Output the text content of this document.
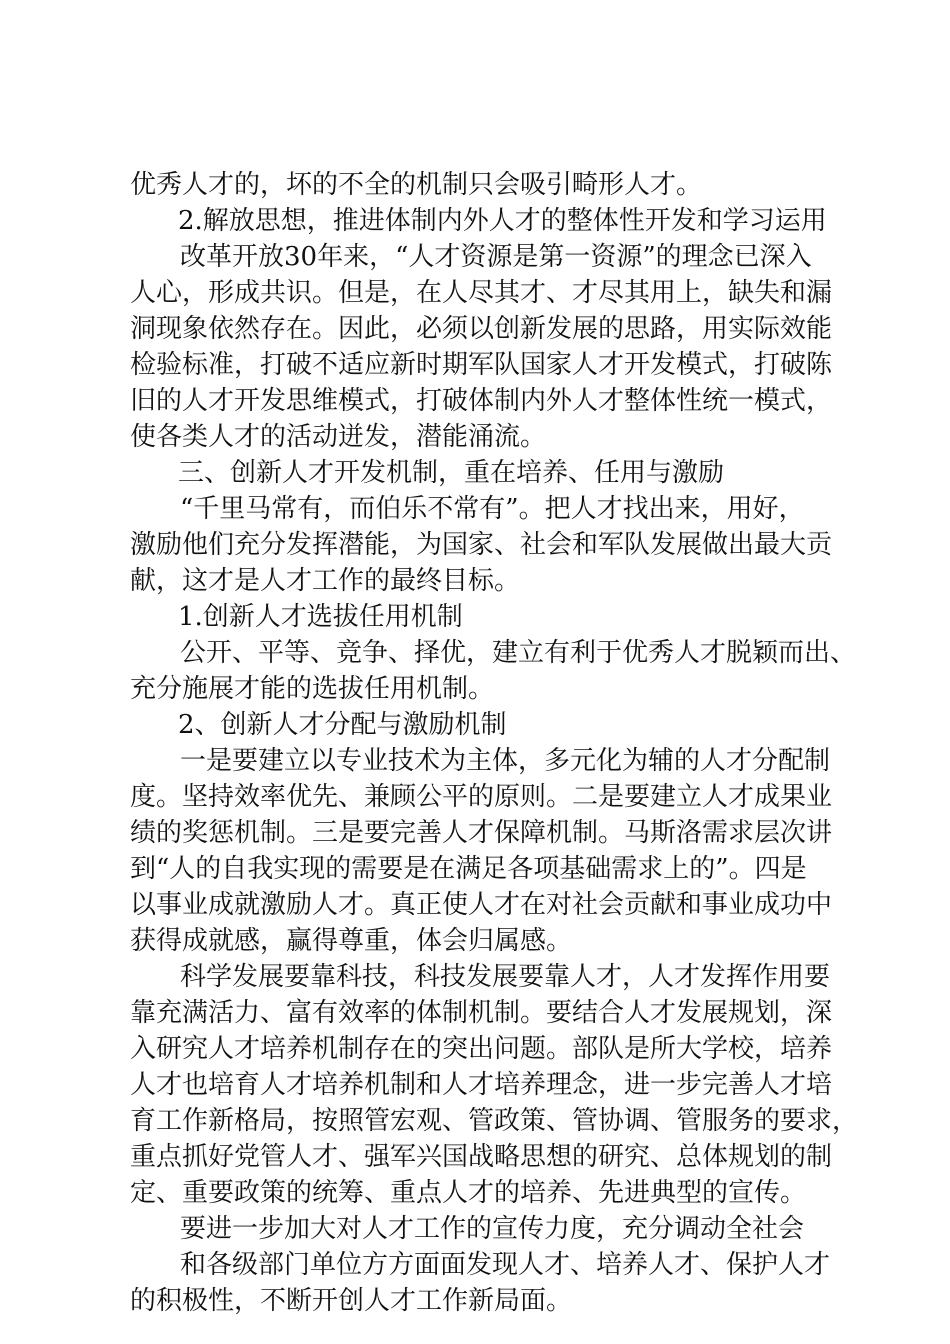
优秀人才的，坏的不全的机制只会吸引畸形人才。
2.解放思想，推进体制内外人才的整体性开发和学习运用
改革开放30年来，“人才资源是第一资源”的理念已深入
人心，形成共识。但是，在人尽其才、才尽其用上，缺失和漏
洞现象依然存在。因此，必须以创新发展的思路，用实际效能
检验标准，打破不适应新时期军队国家人才开发模式，打破陈
旧的人才开发思维模式，打破体制内外人才整体性统一模式，
使各类人才的活动迸发，潜能涌流。
三、创新人才开发机制，重在培养、任用与激励
“千里马常有，而伯乐不常有”。把人才找出来，用好，
激励他们充分发挥潜能，为国家、社会和军队发展做出最大贡
献，这才是人才工作的最终目标。
1.创新人才选拔任用机制
公开、平等、竞争、择优，建立有利于优秀人才脱颖而出、
充分施展才能的选拔任用机制。
2、创新人才分配与激励机制
一是要建立以专业技术为主体，多元化为辅的人才分配制
度。坚持效率优先、兼顾公平的原则。二是要建立人才成果业
绩的奖惩机制。三是要完善人才保障机制。马斯洛需求层次讲
到“人的自我实现的需要是在满足各项基础需求上的”。四是
以事业成就激励人才。真正使人才在对社会贡献和事业成功中
获得成就感，赢得尊重，体会归属感。
科学发展要靠科技，科技发展要靠人才，人才发挥作用要
靠充满活力、富有效率的体制机制。要结合人才发展规划，深
入研究人才培养机制存在的突出问题。部队是所大学校，培养
人才也培育人才培养机制和人才培养理念，进一步完善人才培
育工作新格局，按照管宏观、管政策、管协调、管服务的要求，
重点抓好党管人才、强军兴国战略思想的研究、总体规划的制
定、重要政策的统筹、重点人才的培养、先进典型的宣传。
要进一步加大对人才工作的宣传力度，充分调动全社会
和各级部门单位方方面面发现人才、培养人才、保护人才
的积极性，不断开创人才工作新局面。
